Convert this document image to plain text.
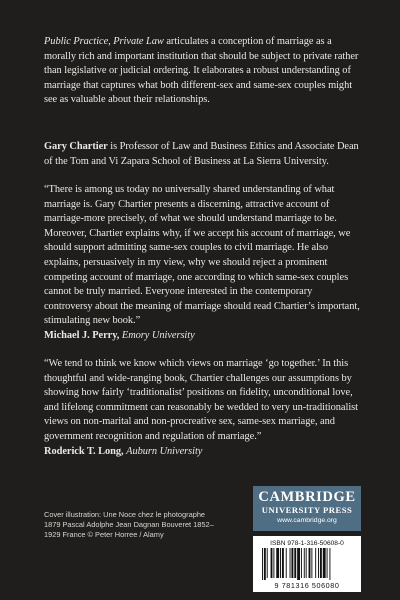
Public Practice, Private Law articulates a conception of marriage as a morally rich and important institution that should be subject to private rather than legislative or judicial ordering. It elaborates a robust understanding of marriage that captures what both different-sex and same-sex couples might see as valuable about their relationships.

Gary Chartier is Professor of Law and Business Ethics and Associate Dean of the Tom and Vi Zapara School of Business at La Sierra University.

“There is among us today no universally shared understanding of what marriage is. Gary Chartier presents a discerning, attractive account of marriage-more precisely, of what we should understand marriage to be. Moreover, Chartier explains why, if we accept his account of marriage, we should support admitting same-sex couples to civil marriage. He also explains, persuasively in my view, why we should reject a prominent competing account of marriage, one according to which same-sex couples cannot be truly married. Everyone interested in the contemporary controversy about the meaning of marriage should read Chartier’s important, stimulating new book.”

Michael J. Perry, Emory University

“We tend to think we know which views on marriage ‘go together.’ In this thoughtful and wide-ranging book, Chartier challenges our assumptions by showing how fairly ‘traditionalist’ positions on fidelity, unconditional love, and lifelong commitment can reasonably be wedded to very un-traditionalist views on non-marital and non-procreative sex, same-sex marriage, and government recognition and regulation of marriage.”

Roderick T. Long, Auburn University

Cover illustration: Une Noce chez le photographe 1879 Pascal Adolphe Jean Dagnan Bouveret 1852–1929 France © Peter Horree / Alamy
CAMBRIDGE
UNIVERSITY PRESS
www.cambridge.org
ISBN 978-1-316-50608-0
9 781316 506080
